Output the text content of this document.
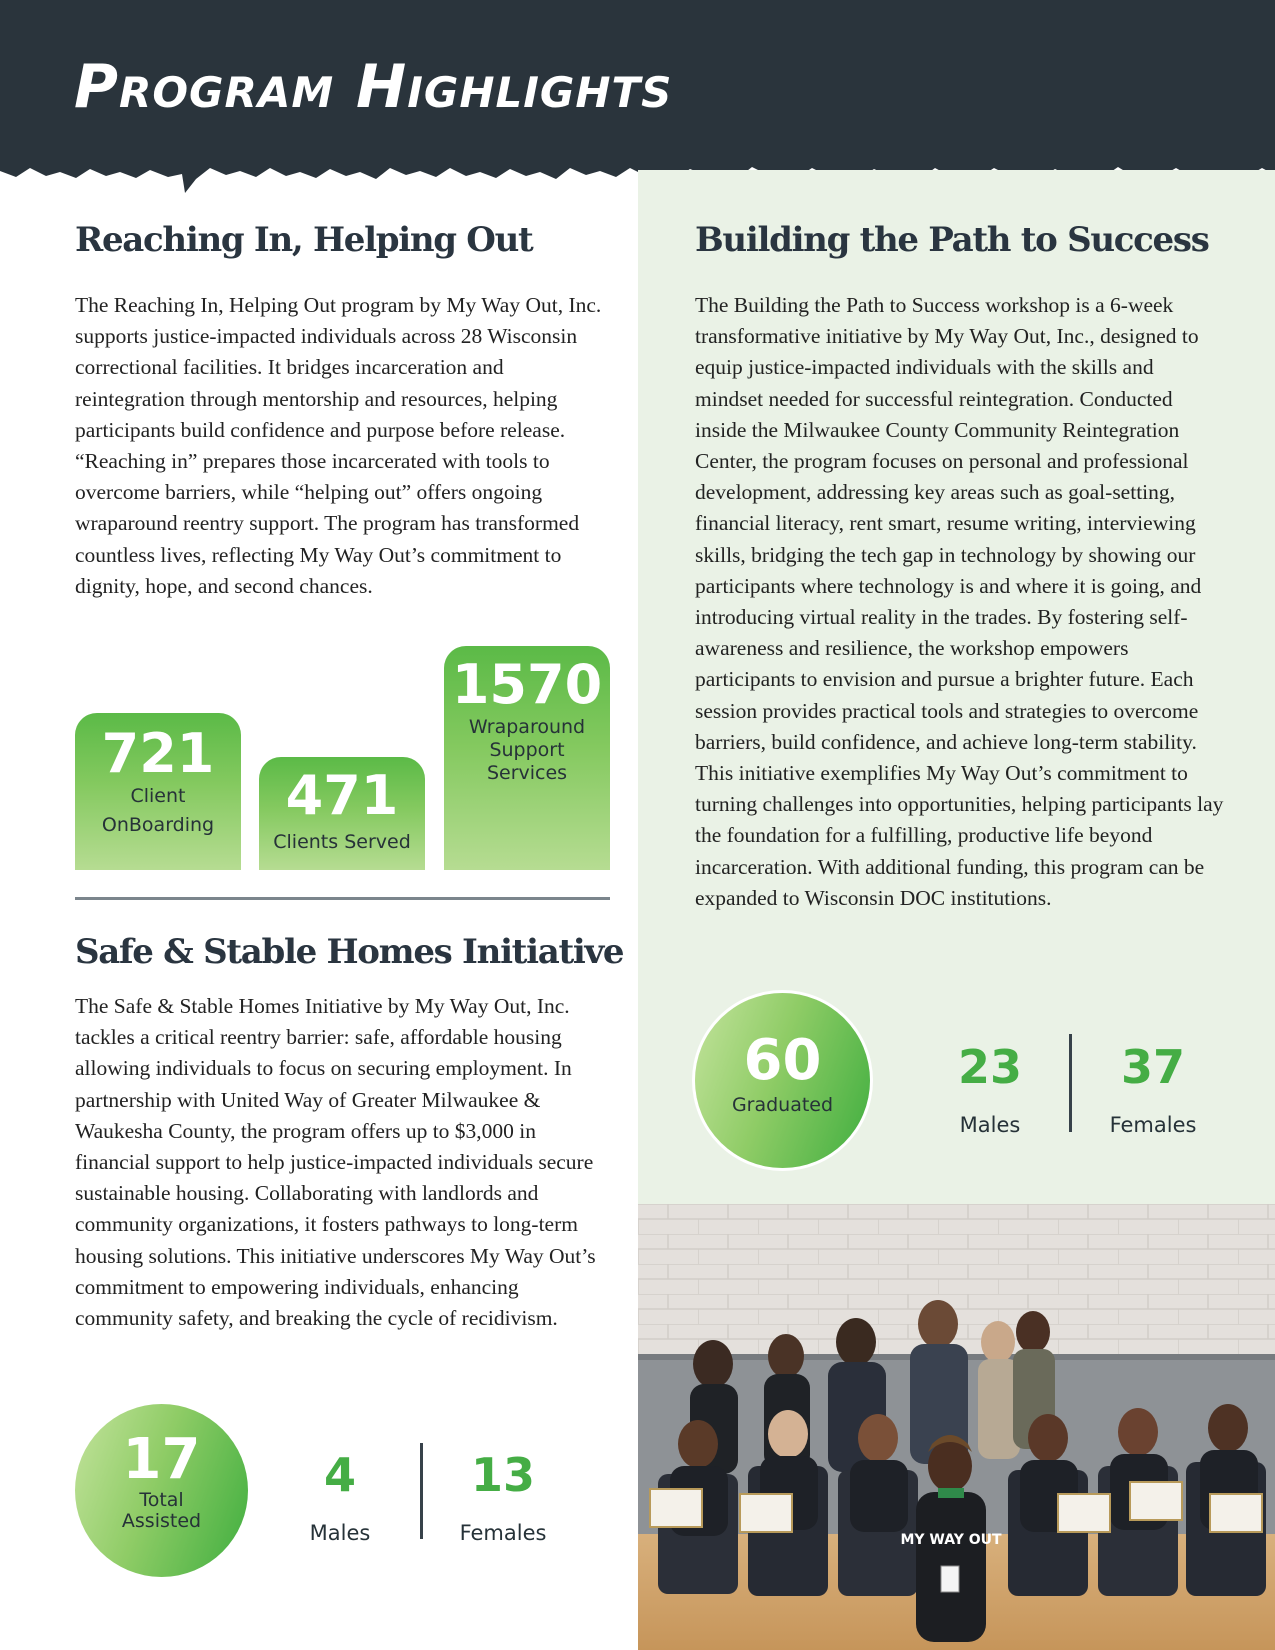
Program Highlights
Reaching In, Helping Out

The Reaching In, Helping Out program by My Way Out, Inc. supports justice-impacted individuals across 28 Wisconsin correctional facilities. It bridges incarceration and reintegration through mentorship and resources, helping participants build confidence and purpose before release. “Reaching in” prepares those incarcerated with tools to overcome barriers, while “helping out” offers ongoing wraparound reentry support. The program has transformed countless lives, reflecting My Way Out’s commitment to dignity, hope, and second chances.

721
Client
OnBoarding	471
Clients Served
1570
Wraparound
Support
Services
Safe & Stable Homes Initiative

The Safe & Stable Homes Initiative by My Way Out, Inc. tackles a critical reentry barrier: safe, affordable housing allowing individuals to focus on securing employment. In partnership with United Way of Greater Milwaukee & Waukesha County, the program offers up to $3,000 in financial support to help justice-impacted individuals secure sustainable housing. Collaborating with landlords and community organizations, it fosters pathways to long-term housing solutions. This initiative underscores My Way Out’s commitment to empowering individuals, enhancing community safety, and breaking the cycle of recidivism.

17
Total
Assisted
4
Males
13
Females
Building the Path to Success

The Building the Path to Success workshop is a 6-week transformative initiative by My Way Out, Inc., designed to equip justice-impacted individuals with the skills and mindset needed for successful reintegration. Conducted inside the Milwaukee County Community Reintegration Center, the program focuses on personal and professional development, addressing key areas such as goal-setting, financial literacy, rent smart, resume writing, interviewing skills, bridging the tech gap in technology by showing our participants where technology is and where it is going, and introducing virtual reality in the trades. By fostering self-awareness and resilience, the workshop empowers participants to envision and pursue a brighter future. Each session provides practical tools and strategies to overcome barriers, build confidence, and achieve long-term stability. This initiative exemplifies My Way Out’s commitment to turning challenges into opportunities, helping participants lay the foundation for a fulfilling, productive life beyond incarceration. With additional funding, this program can be expanded to Wisconsin DOC institutions.

60
Graduated
23
Males
37
Females
MY WAY OUT
